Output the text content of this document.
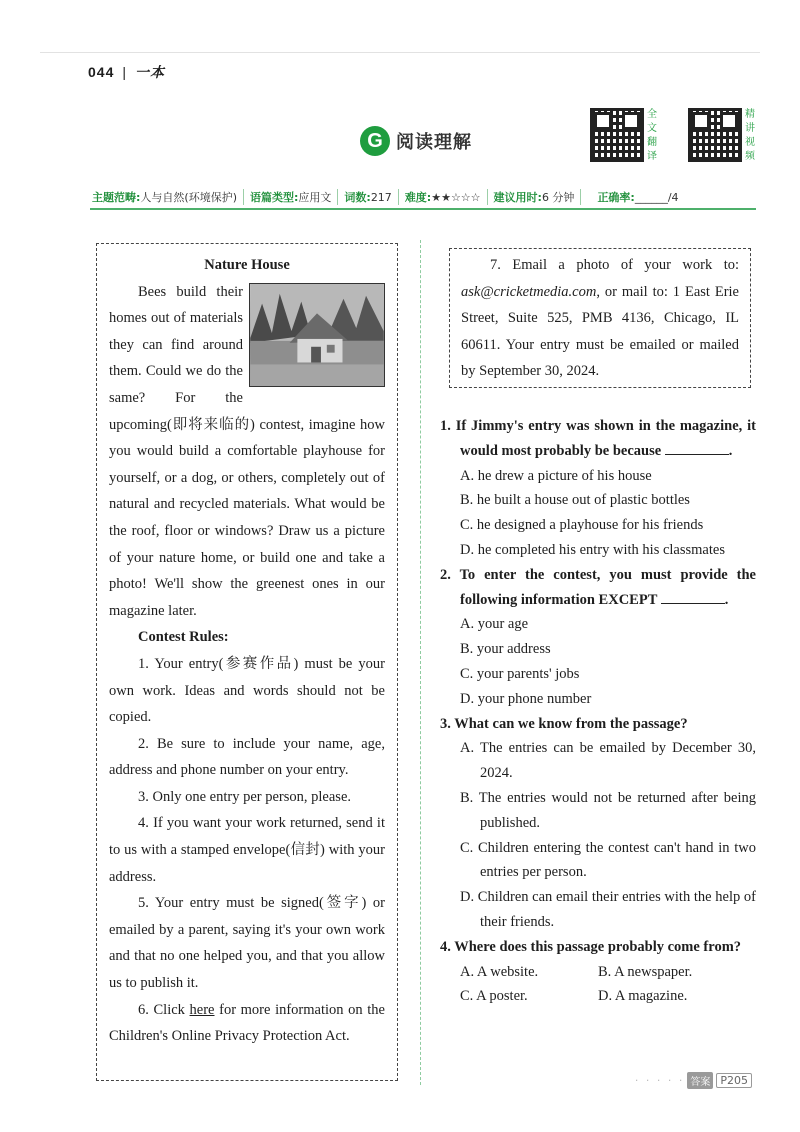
044 | 一本
G 阅读理解
全
文
翻
译
精
讲
视
频
主题范畴:人与自然(环境保护)	语篇类型:应用文	词数:217	难度:★★☆☆☆	建议用时:6 分钟	正确率:______/4

Nature House

Bees build their homes out of materials they can find around them. Could we do the same? For the upcoming(即将来临的) contest, imagine how you would build a comfortable playhouse for yourself, or a dog, or others, completely out of natural and recycled materials. What would be the roof, floor or windows? Draw us a picture of your nature home, or build one and take a photo! We'll show the greenest ones in our magazine later.

Contest Rules:

1. Your entry(参赛作品) must be your own work. Ideas and words should not be copied.

2. Be sure to include your name, age, address and phone number on your entry.

3. Only one entry per person, please.

4. If you want your work returned, send it to us with a stamped envelope(信封) with your address.

5. Your entry must be signed(签字) or emailed by a parent, saying it's your own work and that no one helped you, and that you allow us to publish it.

6. Click here for more information on the Children's Online Privacy Protection Act.

7. Email a photo of your work to: ask@cricketmedia.com, or mail to: 1 East Erie Street, Suite 525, PMB 4136, Chicago, IL 60611. Your entry must be emailed or mailed by September 30, 2024.

1. If Jimmy's entry was shown in the magazine, it would most probably be because	.
A. he drew a picture of his house
B. he built a house out of plastic bottles
C. he designed a playhouse for his friends
D. he completed his entry with his classmates
2. To enter the contest, you must provide the following information EXCEPT	.
A. your age
B. your address
C. your parents' jobs
D. your phone number
3. What can we know from the passage?
A. The entries can be emailed by December 30, 2024.
B. The entries would not be returned after being published.
C. Children entering the contest can't hand in two entries per person.
D. Children can email their entries with the help of their friends.
4. Where does this passage probably come from?
A. A website.	B. A newspaper.
C. A poster.	D. A magazine.
· · · · · 答案 P205
